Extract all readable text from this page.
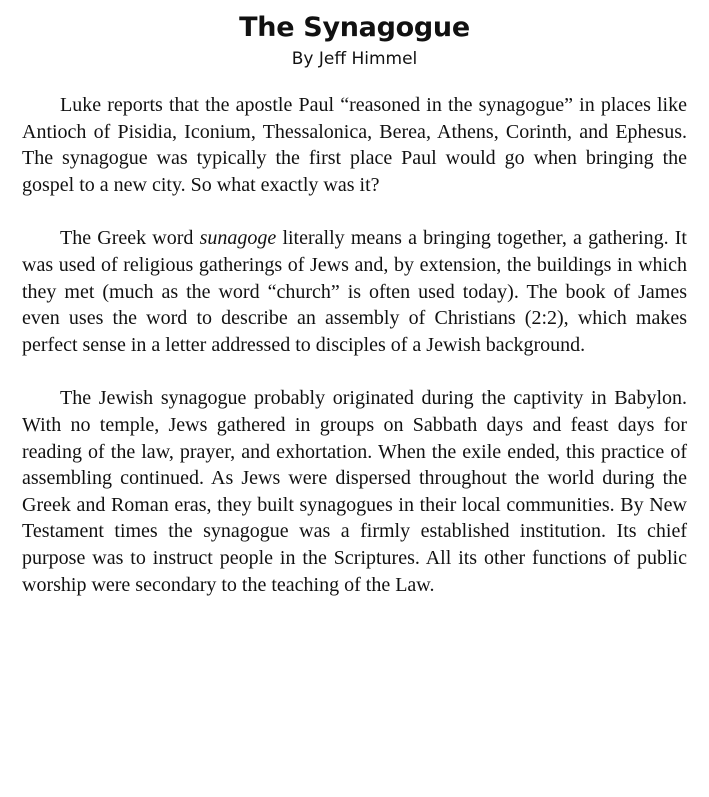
The Synagogue
By Jeff Himmel

Luke reports that the apostle Paul “reasoned in the synagogue” in places like Antioch of Pisidia, Iconium, Thessalonica, Berea, Athens, Corinth, and Ephesus. The synagogue was typically the first place Paul would go when bringing the gospel to a new city. So what exactly was it?

The Greek word sunagoge literally means a bringing together, a gathering. It was used of religious gatherings of Jews and, by extension, the buildings in which they met (much as the word “church” is often used today). The book of James even uses the word to describe an assembly of Christians (2:2), which makes perfect sense in a letter addressed to disciples of a Jewish background.

The Jewish synagogue probably originated during the captivity in Babylon. With no temple, Jews gathered in groups on Sabbath days and feast days for reading of the law, prayer, and exhortation. When the exile ended, this practice of assembling continued. As Jews were dispersed throughout the world during the Greek and Roman eras, they built synagogues in their local communities. By New Testament times the synagogue was a firmly established institution. Its chief purpose was to instruct people in the Scriptures. All its other functions of public worship were secondary to the teaching of the Law.
